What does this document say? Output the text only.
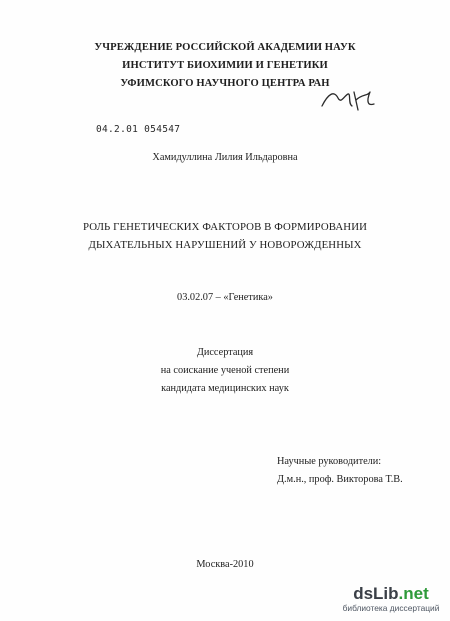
УЧРЕЖДЕНИЕ РОССИЙСКОЙ АКАДЕМИИ НАУК
ИНСТИТУТ БИОХИМИИ И ГЕНЕТИКИ
УФИМСКОГО НАУЧНОГО ЦЕНТРА РАН
04.2.01 054547
Хамидуллина Лилия Ильдаровна
РОЛЬ ГЕНЕТИЧЕСКИХ ФАКТОРОВ В ФОРМИРОВАНИИ
ДЫХАТЕЛЬНЫХ НАРУШЕНИЙ У НОВОРОЖДЕННЫХ
03.02.07 – «Генетика»
Диссертация
на соискание ученой степени
кандидата медицинских наук
Научные руководители:
Д.м.н., проф. Викторова Т.В.
Москва-2010
dsLib.net
библиотека диссертаций
